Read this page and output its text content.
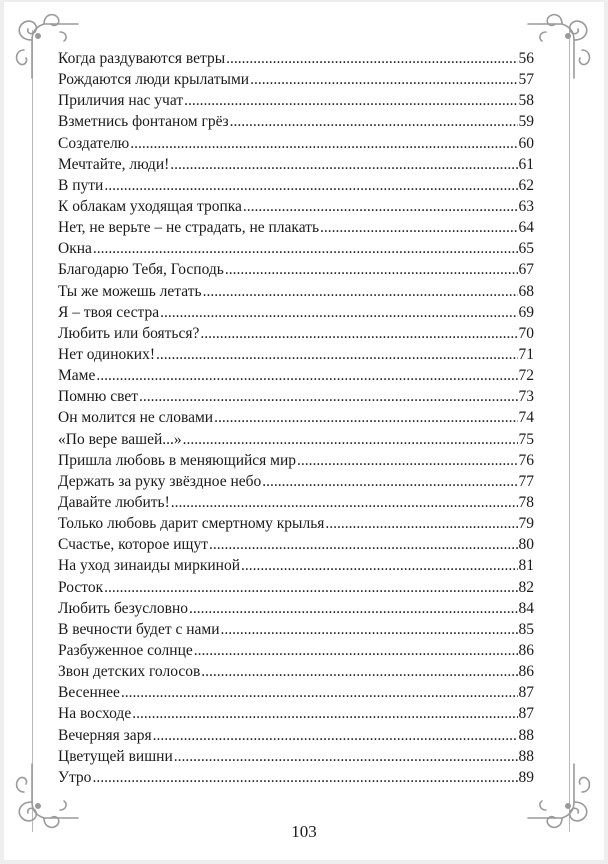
Когда раздуваются ветры .....	56
Рождаются люди крылатыми .....	57
Приличия нас учат .....	58
Взметнись фонтаном грёз .....	59
Создателю .....	60
Мечтайте, люди! .....	61
В пути .....	62
К облакам уходящая тропка .....	63
Нет, не верьте – не страдать, не плакать .....	64
Окна .....	65
Благодарю Тебя, Господь .....	67
Ты же можешь летать .....	68
Я – твоя сестра .....	69
Любить или бояться? .....	70
Нет одиноких! .....	71
Маме .....	72
Помню свет .....	73
Он молится не словами .....	74
«По вере вашей...» .....	75
Пришла любовь в меняющийся мир .....	76
Держать за руку звёздное небо .....	77
Давайте любить! .....	78
Только любовь дарит смертному крылья .....	79
Счастье, которое ищут .....	80
На уход зинаиды миркиной .....	81
Росток .....	82
Любить безусловно .....	84
В вечности будет с нами .....	85
Разбуженное солнце .....	86
Звон детских голосов .....	86
Весеннее .....	87
На восходе .....	87
Вечерняя заря .....	88
Цветущей вишни .....	88
Утро .....	89
103
